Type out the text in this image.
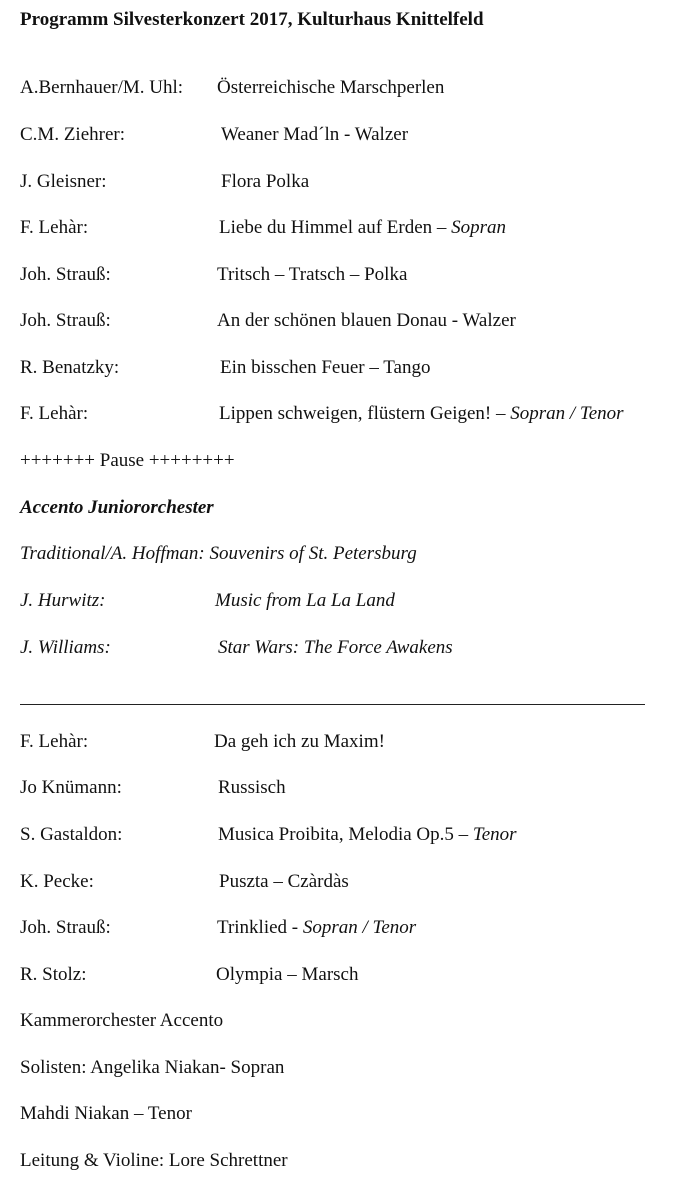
Programm Silvesterkonzert 2017, Kulturhaus Knittelfeld
A.Bernhauer/M. Uhl: Österreichische Marschperlen
C.M. Ziehrer:	Weaner Mad´ln - Walzer
J. Gleisner:	Flora Polka
F. Lehàr:	Liebe du Himmel auf Erden – Sopran
Joh. Strauß:	Tritsch – Tratsch – Polka
Joh. Strauß:	An der schönen blauen Donau - Walzer
R. Benatzky:	Ein bisschen Feuer – Tango
F. Lehàr:	Lippen schweigen, flüstern Geigen! – Sopran / Tenor
+++++++ Pause ++++++++
Accento Juniororchester
Traditional/A. Hoffman: Souvenirs of St. Petersburg
J. Hurwitz:	Music from La La Land
J. Williams:	Star Wars: The Force Awakens
F. Lehàr:	Da geh ich zu Maxim!
Jo Knümann:	Russisch
S. Gastaldon:	Musica Proibita, Melodia Op.5 – Tenor
K. Pecke:	Puszta – Czàrdàs
Joh. Strauß:	Trinklied - Sopran / Tenor
R. Stolz:	Olympia – Marsch
Kammerorchester Accento
Solisten: Angelika Niakan- Sopran
Mahdi Niakan – Tenor
Leitung & Violine: Lore Schrettner
